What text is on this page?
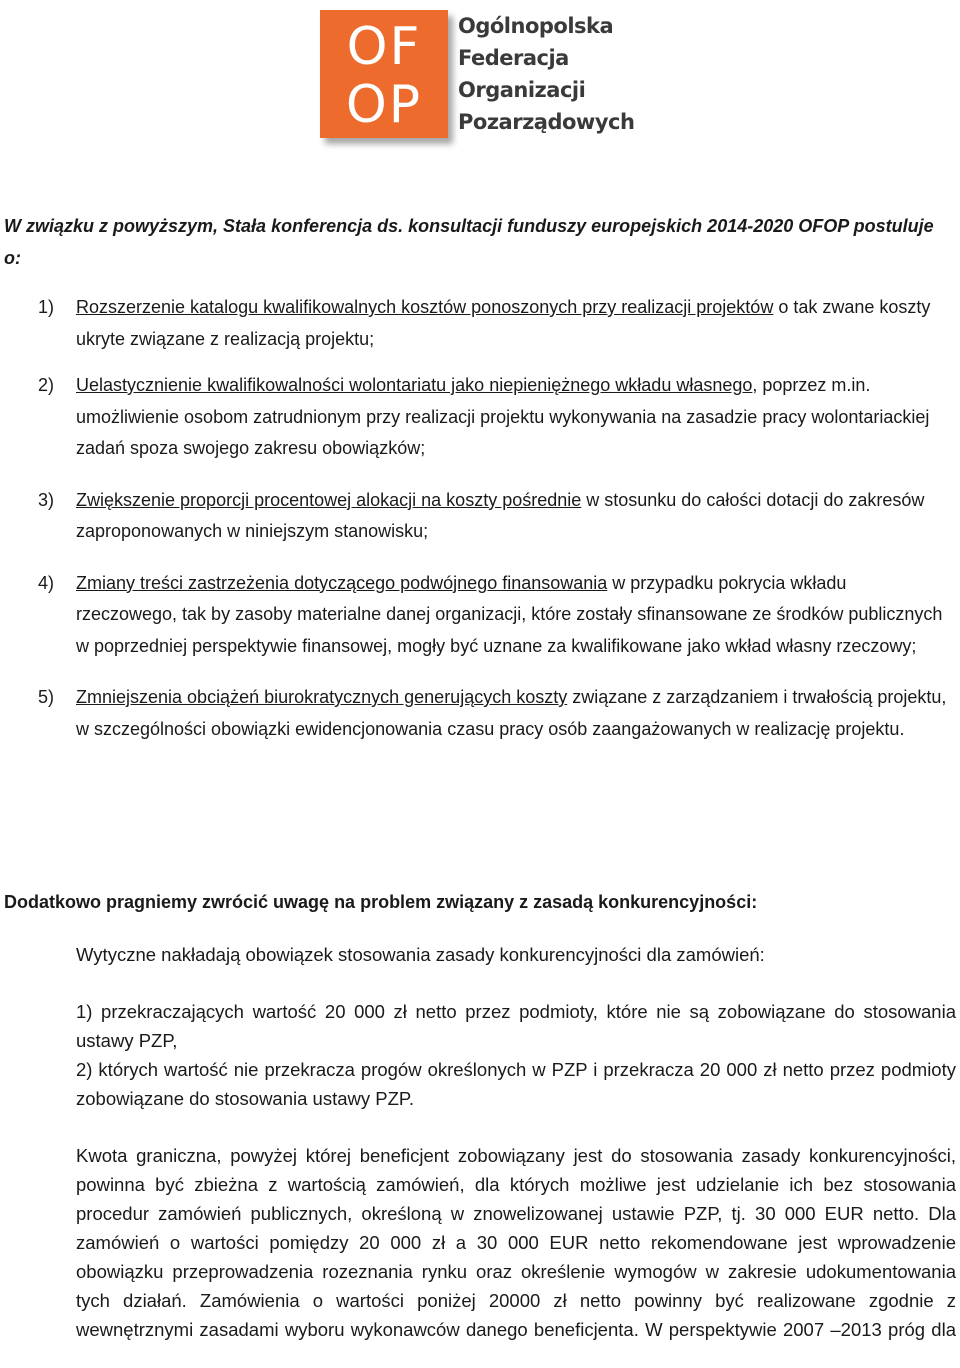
OF
OP
Ogólnopolska
Federacja
Organizacji
Pozarządowych
W związku z powyższym, Stała konferencja ds. konsultacji funduszy europejskich 2014-2020 OFOP postuluje o:
1) Rozszerzenie katalogu kwalifikowalnych kosztów ponoszonych przy realizacji projektów o tak zwane koszty ukryte związane z realizacją projektu;
2) Uelastycznienie kwalifikowalności wolontariatu jako niepieniężnego wkładu własnego, poprzez m.in. umożliwienie osobom zatrudnionym przy realizacji projektu wykonywania na zasadzie pracy wolontariackiej zadań spoza swojego zakresu obowiązków;
3) Zwiększenie proporcji procentowej alokacji na koszty pośrednie w stosunku do całości dotacji do zakresów zaproponowanych w niniejszym stanowisku;
4) Zmiany treści zastrzeżenia dotyczącego podwójnego finansowania w przypadku pokrycia wkładu rzeczowego, tak by zasoby materialne danej organizacji, które zostały sfinansowane ze środków publicznych w poprzedniej perspektywie finansowej, mogły być uznane za kwalifikowane jako wkład własny rzeczowy;
5) Zmniejszenia obciążeń biurokratycznych generujących koszty związane z zarządzaniem i trwałością projektu, w szczególności obowiązki ewidencjonowania czasu pracy osób zaangażowanych w realizację projektu.
Dodatkowo pragniemy zwrócić uwagę na problem związany z zasadą konkurencyjności:
Wytyczne nakładają obowiązek stosowania zasady konkurencyjności dla zamówień:
1) przekraczających wartość 20 000 zł netto przez podmioty, które nie są zobowiązane do stosowania ustawy PZP,
2) których wartość nie przekracza progów określonych w PZP i przekracza 20 000 zł netto przez podmioty zobowiązane do stosowania ustawy PZP.
Kwota graniczna, powyżej której beneficjent zobowiązany jest do stosowania zasady konkurencyjności, powinna być zbieżna z wartością zamówień, dla których możliwe jest udzielanie ich bez stosowania procedur zamówień publicznych, określoną w znowelizowanej ustawie PZP, tj. 30 000 EUR netto. Dla zamówień o wartości pomiędzy 20 000 zł a 30 000 EUR netto rekomendowane jest wprowadzenie obowiązku przeprowadzenia rozeznania rynku oraz określenie wymogów w zakresie udokumentowania tych działań. Zamówienia o wartości poniżej 20000 zł netto powinny być realizowane zgodnie z wewnętrznymi zasadami wyboru wykonawców danego beneficjenta. W perspektywie 2007 –2013 próg dla
